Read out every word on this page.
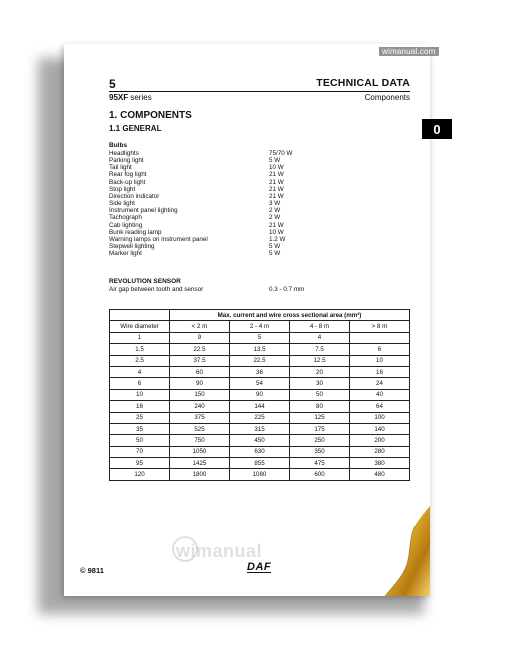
5	TECHNICAL DATA
95XF series	Components
1. COMPONENTS
1.1 GENERAL
Bulbs
Headlights	75/70 W
Parking light	5 W
Tail light	10 W
Rear fog light	21 W
Back-up light	21 W
Stop light	21 W
Direction indicator	21 W
Side light	3 W
Instrument panel lighting	2 W
Tachograph	2 W
Cab lighting	21 W
Bunk reading lamp	10 W
Warning lamps on instrument panel	1.2 W
Stepwell lighting	5 W
Marker light	5 W
REVOLUTION SENSOR
Air gap between tooth and sensor	0.3 - 0.7 mm
	Max. current and wire cross sectional area (mm²)			
Wire diameter	< 2 m	2 - 4 m	4 - 8 m	> 8 m
1	9	5	4	
1.5	22.5	13.5	7.5	6
2.5	37.5	22.5	12.5	10
4	60	36	20	16
6	90	54	30	24
10	150	90	50	40
16	240	144	80	64
25	375	225	125	100
35	525	315	175	140
50	750	450	250	200
70	1050	630	350	280
95	1425	855	475	380
120	1800	1080	600	480
wimanual
© 9811	DAF
wimanual.com
0
